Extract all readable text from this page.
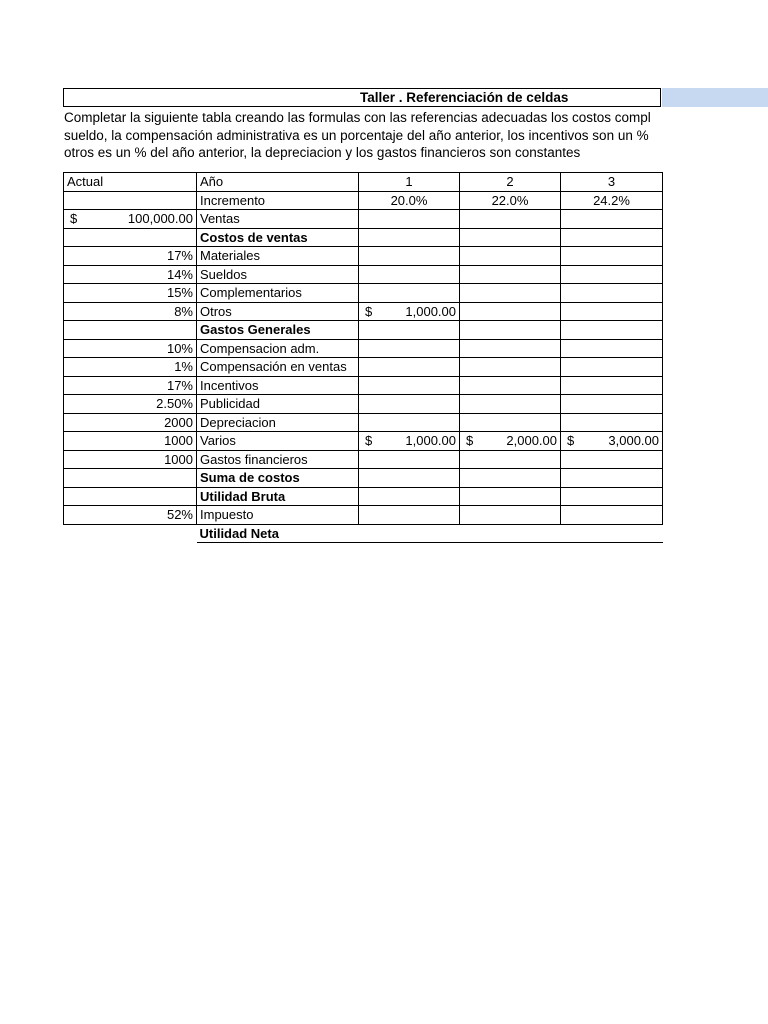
Taller . Referenciación de celdas
Completar la siguiente tabla creando las formulas con las referencias adecuadas los costos compl
sueldo, la compensación administrativa es un porcentaje del año anterior, los incentivos son un %
otros es un % del año anterior, la depreciacion y los gastos financieros son constantes
Actual	Año	1	2	3
	Incremento	20.0%	22.0%	24.2%

$ 100,000.00	Ventas			
	Costos de ventas			
17%	Materiales			
14%	Sueldos			
15%	Complementarios			
8%	Otros	$ 1,000.00		

	Gastos Generales			
10%	Compensacion adm.			
1%	Compensación en ventas			
17%	Incentivos			
2.50%	Publicidad			
2000	Depreciacion			
1000	Varios	$ 1,000.00	$ 2,000.00	$ 3,000.00

1000	Gastos financieros			
	Suma de costos			
	Utilidad Bruta			
52%	Impuesto			
	Utilidad Neta			
